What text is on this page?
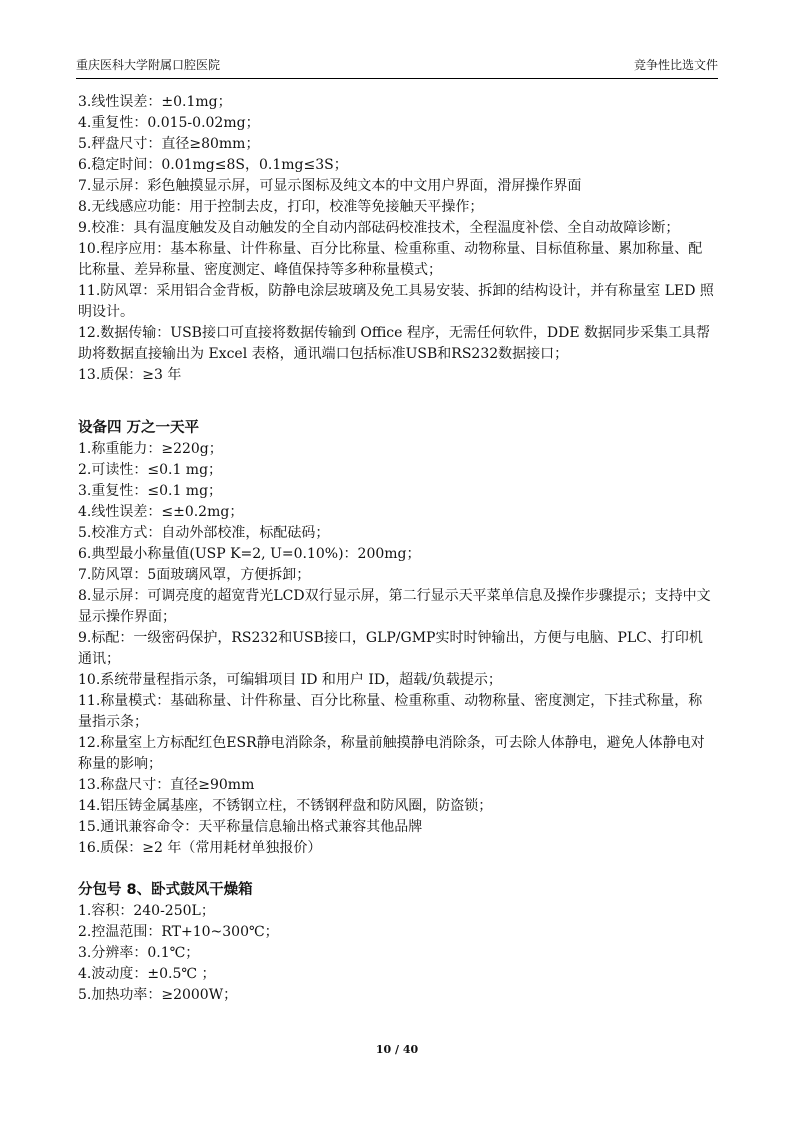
重庆医科大学附属口腔医院	竞争性比选文件
3.线性误差：±0.1mg；
4.重复性：0.015-0.02mg；
5.秤盘尺寸：直径≥80mm；
6.稳定时间：0.01mg≤8S，0.1mg≤3S；
7.显示屏：彩色触摸显示屏，可显示图标及纯文本的中文用户界面，滑屏操作界面
8.无线感应功能：用于控制去皮，打印，校准等免接触天平操作；
9.校准：具有温度触发及自动触发的全自动内部砝码校准技术，全程温度补偿、全自动故障诊断；
10.程序应用：基本称量、计件称量、百分比称量、检重称重、动物称量、目标值称量、累加称量、配比称量、差异称量、密度测定、峰值保持等多种称量模式；
11.防风罩：采用铝合金背板，防静电涂层玻璃及免工具易安装、拆卸的结构设计，并有称量室 LED 照明设计。
12.数据传输：USB接口可直接将数据传输到 Office 程序，无需任何软件，DDE 数据同步采集工具帮助将数据直接输出为 Excel 表格，通讯端口包括标准USB和RS232数据接口；
13.质保：≥3 年
设备四 万之一天平
1.称重能力：≥220g；
2.可读性：≤0.1 mg；
3.重复性：≤0.1 mg；
4.线性误差：≤±0.2mg；
5.校准方式：自动外部校准，标配砝码；
6.典型最小称量值(USP K=2, U=0.10%)：200mg；
7.防风罩：5面玻璃风罩，方便拆卸；
8.显示屏：可调亮度的超宽背光LCD双行显示屏，第二行显示天平菜单信息及操作步骤提示；支持中文显示操作界面；
9.标配：一级密码保护，RS232和USB接口，GLP/GMP实时时钟输出，方便与电脑、PLC、打印机通讯；
10.系统带量程指示条，可编辑项目 ID 和用户 ID，超载/负载提示；
11.称量模式：基础称量、计件称量、百分比称量、检重称重、动物称量、密度测定，下挂式称量，称量指示条；
12.称量室上方标配红色ESR静电消除条，称量前触摸静电消除条，可去除人体静电，避免人体静电对称量的影响；
13.称盘尺寸：直径≥90mm
14.铝压铸金属基座，不锈钢立柱，不锈钢秤盘和防风圈，防盗锁；
15.通讯兼容命令：天平称量信息输出格式兼容其他品牌
16.质保：≥2 年（常用耗材单独报价）
分包号 8、卧式鼓风干燥箱
1.容积：240-250L；
2.控温范围：RT+10~300℃；
3.分辨率：0.1℃；
4.波动度：±0.5℃ ；
5.加热功率：≥2000W；
10 / 40
